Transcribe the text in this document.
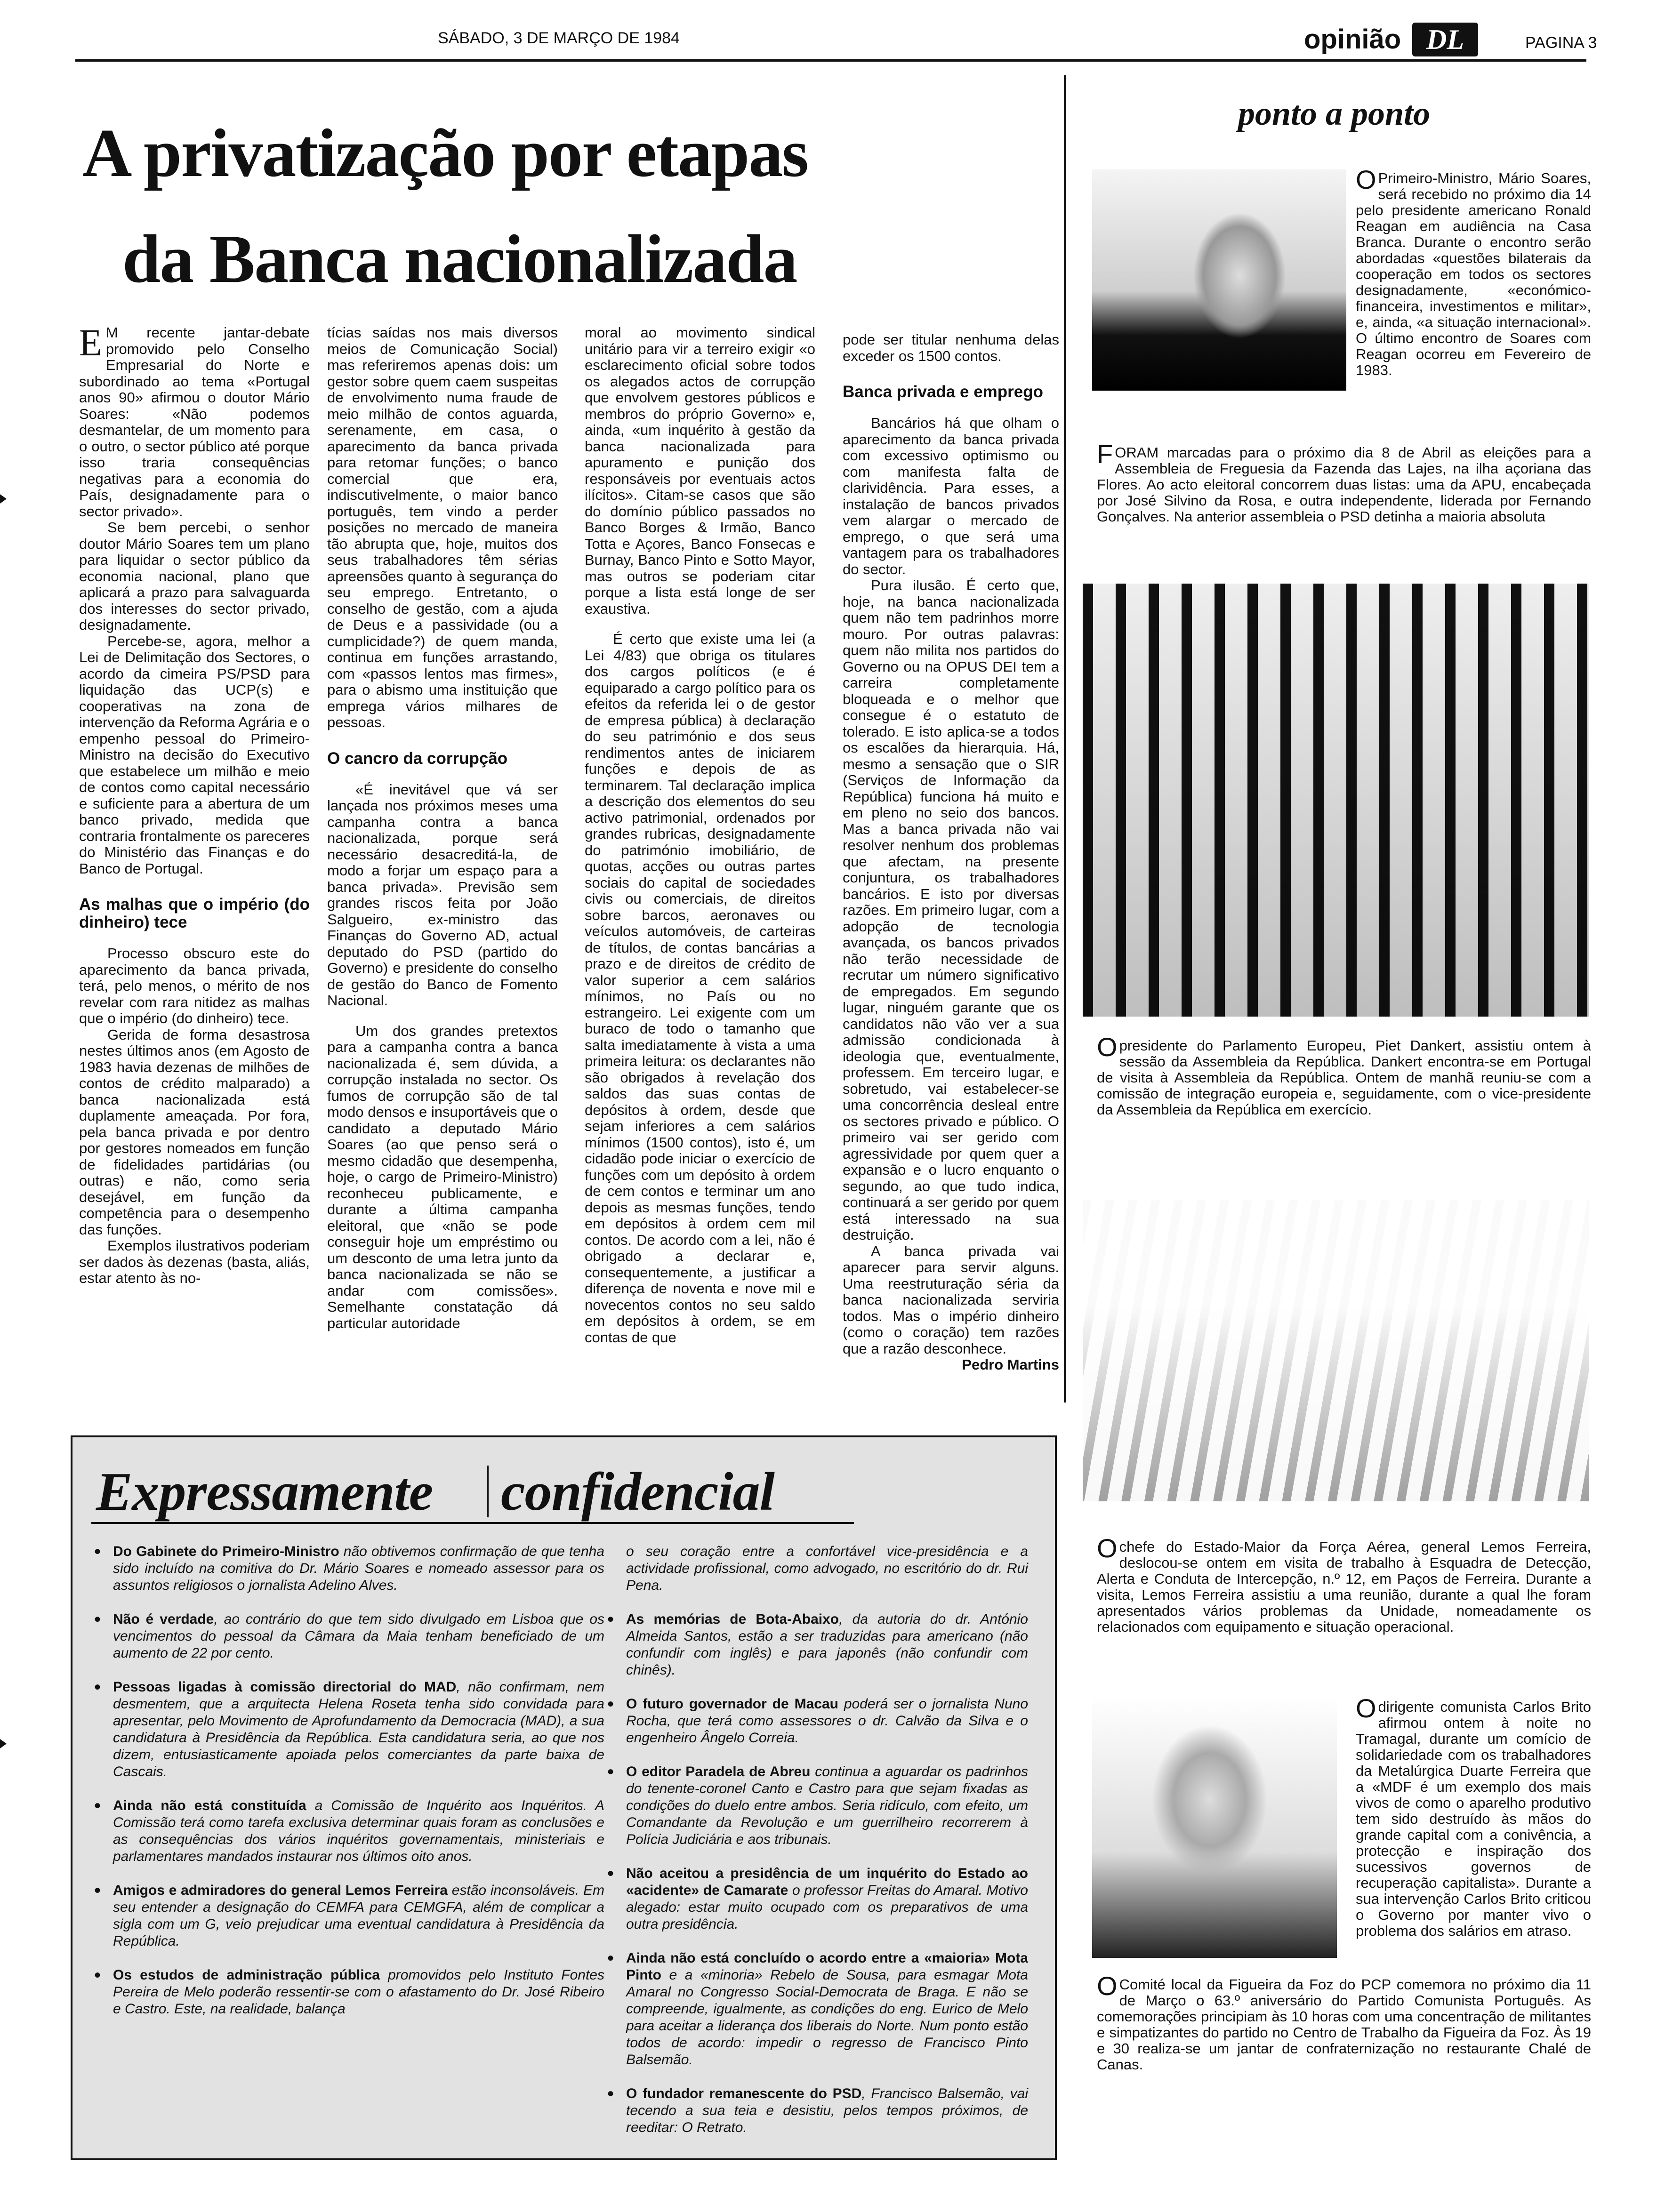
SÁBADO, 3 DE MARÇO DE 1984	opinião DL	PAGINA 3
A privatização por etapas
da Banca nacionalizada
E M recente jantar-debate promovido pelo Conselho Empresarial do Norte e subordinado ao tema «Portugal anos 90» afirmou o doutor Mário Soares: «Não podemos desmantelar, de um momento para o outro, o sector público até porque isso traria consequências negativas para a economia do País, designadamente para o sector privado».

Se bem percebi, o senhor doutor Mário Soares tem um plano para liquidar o sector público da economia nacional, plano que aplicará a prazo para salvaguarda dos interesses do sector privado, designadamente.

Percebe-se, agora, melhor a Lei de Delimitação dos Sectores, o acordo da cimeira PS/PSD para liquidação das UCP(s) e cooperativas na zona de intervenção da Reforma Agrária e o empenho pessoal do Primeiro-Ministro na decisão do Executivo que estabelece um milhão e meio de contos como capital necessário e suficiente para a abertura de um banco privado, medida que contraria frontalmente os pareceres do Ministério das Finanças e do Banco de Portugal.

As malhas que o império (do dinheiro) tece

Processo obscuro este do aparecimento da banca privada, terá, pelo menos, o mérito de nos revelar com rara nitidez as malhas que o império (do dinheiro) tece.

Gerida de forma desastrosa nestes últimos anos (em Agosto de 1983 havia dezenas de milhões de contos de crédito malparado) a banca nacionalizada está duplamente ameaçada. Por fora, pela banca privada e por dentro por gestores nomeados em função de fidelidades partidárias (ou outras) e não, como seria desejável, em função da competência para o desempenho das funções.

Exemplos ilustrativos poderiam ser dados às dezenas (basta, aliás, estar atento às no-

tícias saídas nos mais diversos meios de Comunicação Social) mas referiremos apenas dois: um gestor sobre quem caem suspeitas de envolvimento numa fraude de meio milhão de contos aguarda, serenamente, em casa, o aparecimento da banca privada para retomar funções; o banco comercial que era, indiscutivelmente, o maior banco português, tem vindo a perder posições no mercado de maneira tão abrupta que, hoje, muitos dos seus trabalhadores têm sérias apreensões quanto à segurança do seu emprego. Entretanto, o conselho de gestão, com a ajuda de Deus e a passividade (ou a cumplicidade?) de quem manda, continua em funções arrastando, com «passos lentos mas firmes», para o abismo uma instituição que emprega vários milhares de pessoas.

O cancro da corrupção

«É inevitável que vá ser lançada nos próximos meses uma campanha contra a banca nacionalizada, porque será necessário desacreditá-la, de modo a forjar um espaço para a banca privada». Previsão sem grandes riscos feita por João Salgueiro, ex-ministro das Finanças do Governo AD, actual deputado do PSD (partido do Governo) e presidente do conselho de gestão do Banco de Fomento Nacional.

Um dos grandes pretextos para a campanha contra a banca nacionalizada é, sem dúvida, a corrupção instalada no sector. Os fumos de corrupção são de tal modo densos e insuportáveis que o candidato a deputado Mário Soares (ao que penso será o mesmo cidadão que desempenha, hoje, o cargo de Primeiro-Ministro) reconheceu publicamente, e durante a última campanha eleitoral, que «não se pode conseguir hoje um empréstimo ou um desconto de uma letra junto da banca nacionalizada se não se andar com comissões». Semelhante constatação dá particular autoridade

moral ao movimento sindical unitário para vir a terreiro exigir «o esclarecimento oficial sobre todos os alegados actos de corrupção que envolvem gestores públicos e membros do próprio Governo» e, ainda, «um inquérito à gestão da banca nacionalizada para apuramento e punição dos responsáveis por eventuais actos ilícitos». Citam-se casos que são do domínio público passados no Banco Borges & Irmão, Banco Totta e Açores, Banco Fonsecas e Burnay, Banco Pinto e Sotto Mayor, mas outros se poderiam citar porque a lista está longe de ser exaustiva.

É certo que existe uma lei (a Lei 4/83) que obriga os titulares dos cargos políticos (e é equiparado a cargo político para os efeitos da referida lei o de gestor de empresa pública) à declaração do seu património e dos seus rendimentos antes de iniciarem funções e depois de as terminarem. Tal declaração implica a descrição dos elementos do seu activo patrimonial, ordenados por grandes rubricas, designadamente do património imobiliário, de quotas, acções ou outras partes sociais do capital de sociedades civis ou comerciais, de direitos sobre barcos, aeronaves ou veículos automóveis, de carteiras de títulos, de contas bancárias a prazo e de direitos de crédito de valor superior a cem salários mínimos, no País ou no estrangeiro. Lei exigente com um buraco de todo o tamanho que salta imediatamente à vista a uma primeira leitura: os declarantes não são obrigados à revelação dos saldos das suas contas de depósitos à ordem, desde que sejam inferiores a cem salários mínimos (1500 contos), isto é, um cidadão pode iniciar o exercício de funções com um depósito à ordem de cem contos e terminar um ano depois as mesmas funções, tendo em depósitos à ordem cem mil contos. De acordo com a lei, não é obrigado a declarar e, consequentemente, a justificar a diferença de noventa e nove mil e novecentos contos no seu saldo em depósitos à ordem, se em contas de que

pode ser titular nenhuma delas exceder os 1500 contos.

Banca privada e emprego

Bancários há que olham o aparecimento da banca privada com excessivo optimismo ou com manifesta falta de clarividência. Para esses, a instalação de bancos privados vem alargar o mercado de emprego, o que será uma vantagem para os trabalhadores do sector.

Pura ilusão. É certo que, hoje, na banca nacionalizada quem não tem padrinhos morre mouro. Por outras palavras: quem não milita nos partidos do Governo ou na OPUS DEI tem a carreira completamente bloqueada e o melhor que consegue é o estatuto de tolerado. E isto aplica-se a todos os escalões da hierarquia. Há, mesmo a sensação que o SIR (Serviços de Informação da República) funciona há muito e em pleno no seio dos bancos. Mas a banca privada não vai resolver nenhum dos problemas que afectam, na presente conjuntura, os trabalhadores bancários. E isto por diversas razões. Em primeiro lugar, com a adopção de tecnologia avançada, os bancos privados não terão necessidade de recrutar um número significativo de empregados. Em segundo lugar, ninguém garante que os candidatos não vão ver a sua admissão condicionada à ideologia que, eventualmente, professem. Em terceiro lugar, e sobretudo, vai estabelecer-se uma concorrência desleal entre os sectores privado e público. O primeiro vai ser gerido com agressividade por quem quer a expansão e o lucro enquanto o segundo, ao que tudo indica, continuará a ser gerido por quem está interessado na sua destruição.

A banca privada vai aparecer para servir alguns. Uma reestruturação séria da banca nacionalizada serviria todos. Mas o império dinheiro (como o coração) tem razões que a razão desconhece.

Pedro Martins

ponto a ponto
O Primeiro-Ministro, Mário Soares, será recebido no próximo dia 14 pelo presidente americano Ronald Reagan em audiência na Casa Branca. Durante o encontro serão abordadas «questões bilaterais da cooperação em todos os sectores designadamente, «económico-financeira, investimentos e militar», e, ainda, «a situação internacional». O último encontro de Soares com Reagan ocorreu em Fevereiro de 1983.
FORAM marcadas para o próximo dia 8 de Abril as eleições para a Assembleia de Freguesia da Fazenda das Lajes, na ilha açoriana das Flores. Ao acto eleitoral concorrem duas listas: uma da APU, encabeçada por José Silvino da Rosa, e outra independente, liderada por Fernando Gonçalves. Na anterior assembleia o PSD detinha a maioria absoluta
Opresidente do Parlamento Europeu, Piet Dankert, assistiu ontem à sessão da Assembleia da República. Dankert encontra-se em Portugal de visita à Assembleia da República. Ontem de manhã reuniu-se com a comissão de integração europeia e, seguidamente, com o vice-presidente da Assembleia da República em exercício.
Ochefe do Estado-Maior da Força Aérea, general Lemos Ferreira, deslocou-se ontem em visita de trabalho à Esquadra de Detecção, Alerta e Conduta de Intercepção, n.º 12, em Paços de Ferreira. Durante a visita, Lemos Ferreira assistiu a uma reunião, durante a qual lhe foram apresentados vários problemas da Unidade, nomeadamente os relacionados com equipamento e situação operacional.
Odirigente comunista Carlos Brito afirmou ontem à noite no Tramagal, durante um comício de solidariedade com os trabalhadores da Metalúrgica Duarte Ferreira que a «MDF é um exemplo dos mais vivos de como o aparelho produtivo tem sido destruído às mãos do grande capital com a conivência, a protecção e inspiração dos sucessivos governos de recuperação capitalista». Durante a sua intervenção Carlos Brito criticou o Governo por manter vivo o problema dos salários em atraso.
O Comité local da Figueira da Foz do PCP comemora no próximo dia 11 de Março o 63.º aniversário do Partido Comunista Português. As comemorações principiam às 10 horas com uma concentração de militantes e simpatizantes do partido no Centro de Trabalho da Figueira da Foz. Às 19 e 30 realiza-se um jantar de confraternização no restaurante Chalé de Canas.
Expressamente confidencial
• Do Gabinete do Primeiro-Ministro não obtivemos confirmação de que tenha sido incluído na comitiva do Dr. Mário Soares e nomeado assessor para os assuntos religiosos o jornalista Adelino Alves.
• Não é verdade, ao contrário do que tem sido divulgado em Lisboa que os vencimentos do pessoal da Câmara da Maia tenham beneficiado de um aumento de 22 por cento.
• Pessoas ligadas à comissão directorial do MAD, não confirmam, nem desmentem, que a arquitecta Helena Roseta tenha sido convidada para apresentar, pelo Movimento de Aprofundamento da Democracia (MAD), a sua candidatura à Presidência da República. Esta candidatura seria, ao que nos dizem, entusiasticamente apoiada pelos comerciantes da parte baixa de Cascais.
• Ainda não está constituída a Comissão de Inquérito aos Inquéritos. A Comissão terá como tarefa exclusiva determinar quais foram as conclusões e as consequências dos vários inquéritos governamentais, ministeriais e parlamentares mandados instaurar nos últimos oito anos.
• Amigos e admiradores do general Lemos Ferreira estão inconsoláveis. Em seu entender a designação do CEMFA para CEMGFA, além de complicar a sigla com um G, veio prejudicar uma eventual candidatura à Presidência da República.
• Os estudos de administração pública promovidos pelo Instituto Fontes Pereira de Melo poderão ressentir-se com o afastamento do Dr. José Ribeiro e Castro. Este, na realidade, balança
o seu coração entre a confortável vice-presidência e a actividade profissional, como advogado, no escritório do dr. Rui Pena.
• As memórias de Bota-Abaixo, da autoria do dr. António Almeida Santos, estão a ser traduzidas para americano (não confundir com inglês) e para japonês (não confundir com chinês).
• O futuro governador de Macau poderá ser o jornalista Nuno Rocha, que terá como assessores o dr. Calvão da Silva e o engenheiro Ângelo Correia.
• O editor Paradela de Abreu continua a aguardar os padrinhos do tenente-coronel Canto e Castro para que sejam fixadas as condições do duelo entre ambos. Seria ridículo, com efeito, um Comandante da Revolução e um guerrilheiro recorrerem à Polícia Judiciária e aos tribunais.
• Não aceitou a presidência de um inquérito do Estado ao «acidente» de Camarate o professor Freitas do Amaral. Motivo alegado: estar muito ocupado com os preparativos de uma outra presidência.
• Ainda não está concluído o acordo entre a «maioria» Mota Pinto e a «minoria» Rebelo de Sousa, para esmagar Mota Amaral no Congresso Social-Democrata de Braga. E não se compreende, igualmente, as condições do eng. Eurico de Melo para aceitar a liderança dos liberais do Norte. Num ponto estão todos de acordo: impedir o regresso de Francisco Pinto Balsemão.
• O fundador remanescente do PSD, Francisco Balsemão, vai tecendo a sua teia e desistiu, pelos tempos próximos, de reeditar: O Retrato.
